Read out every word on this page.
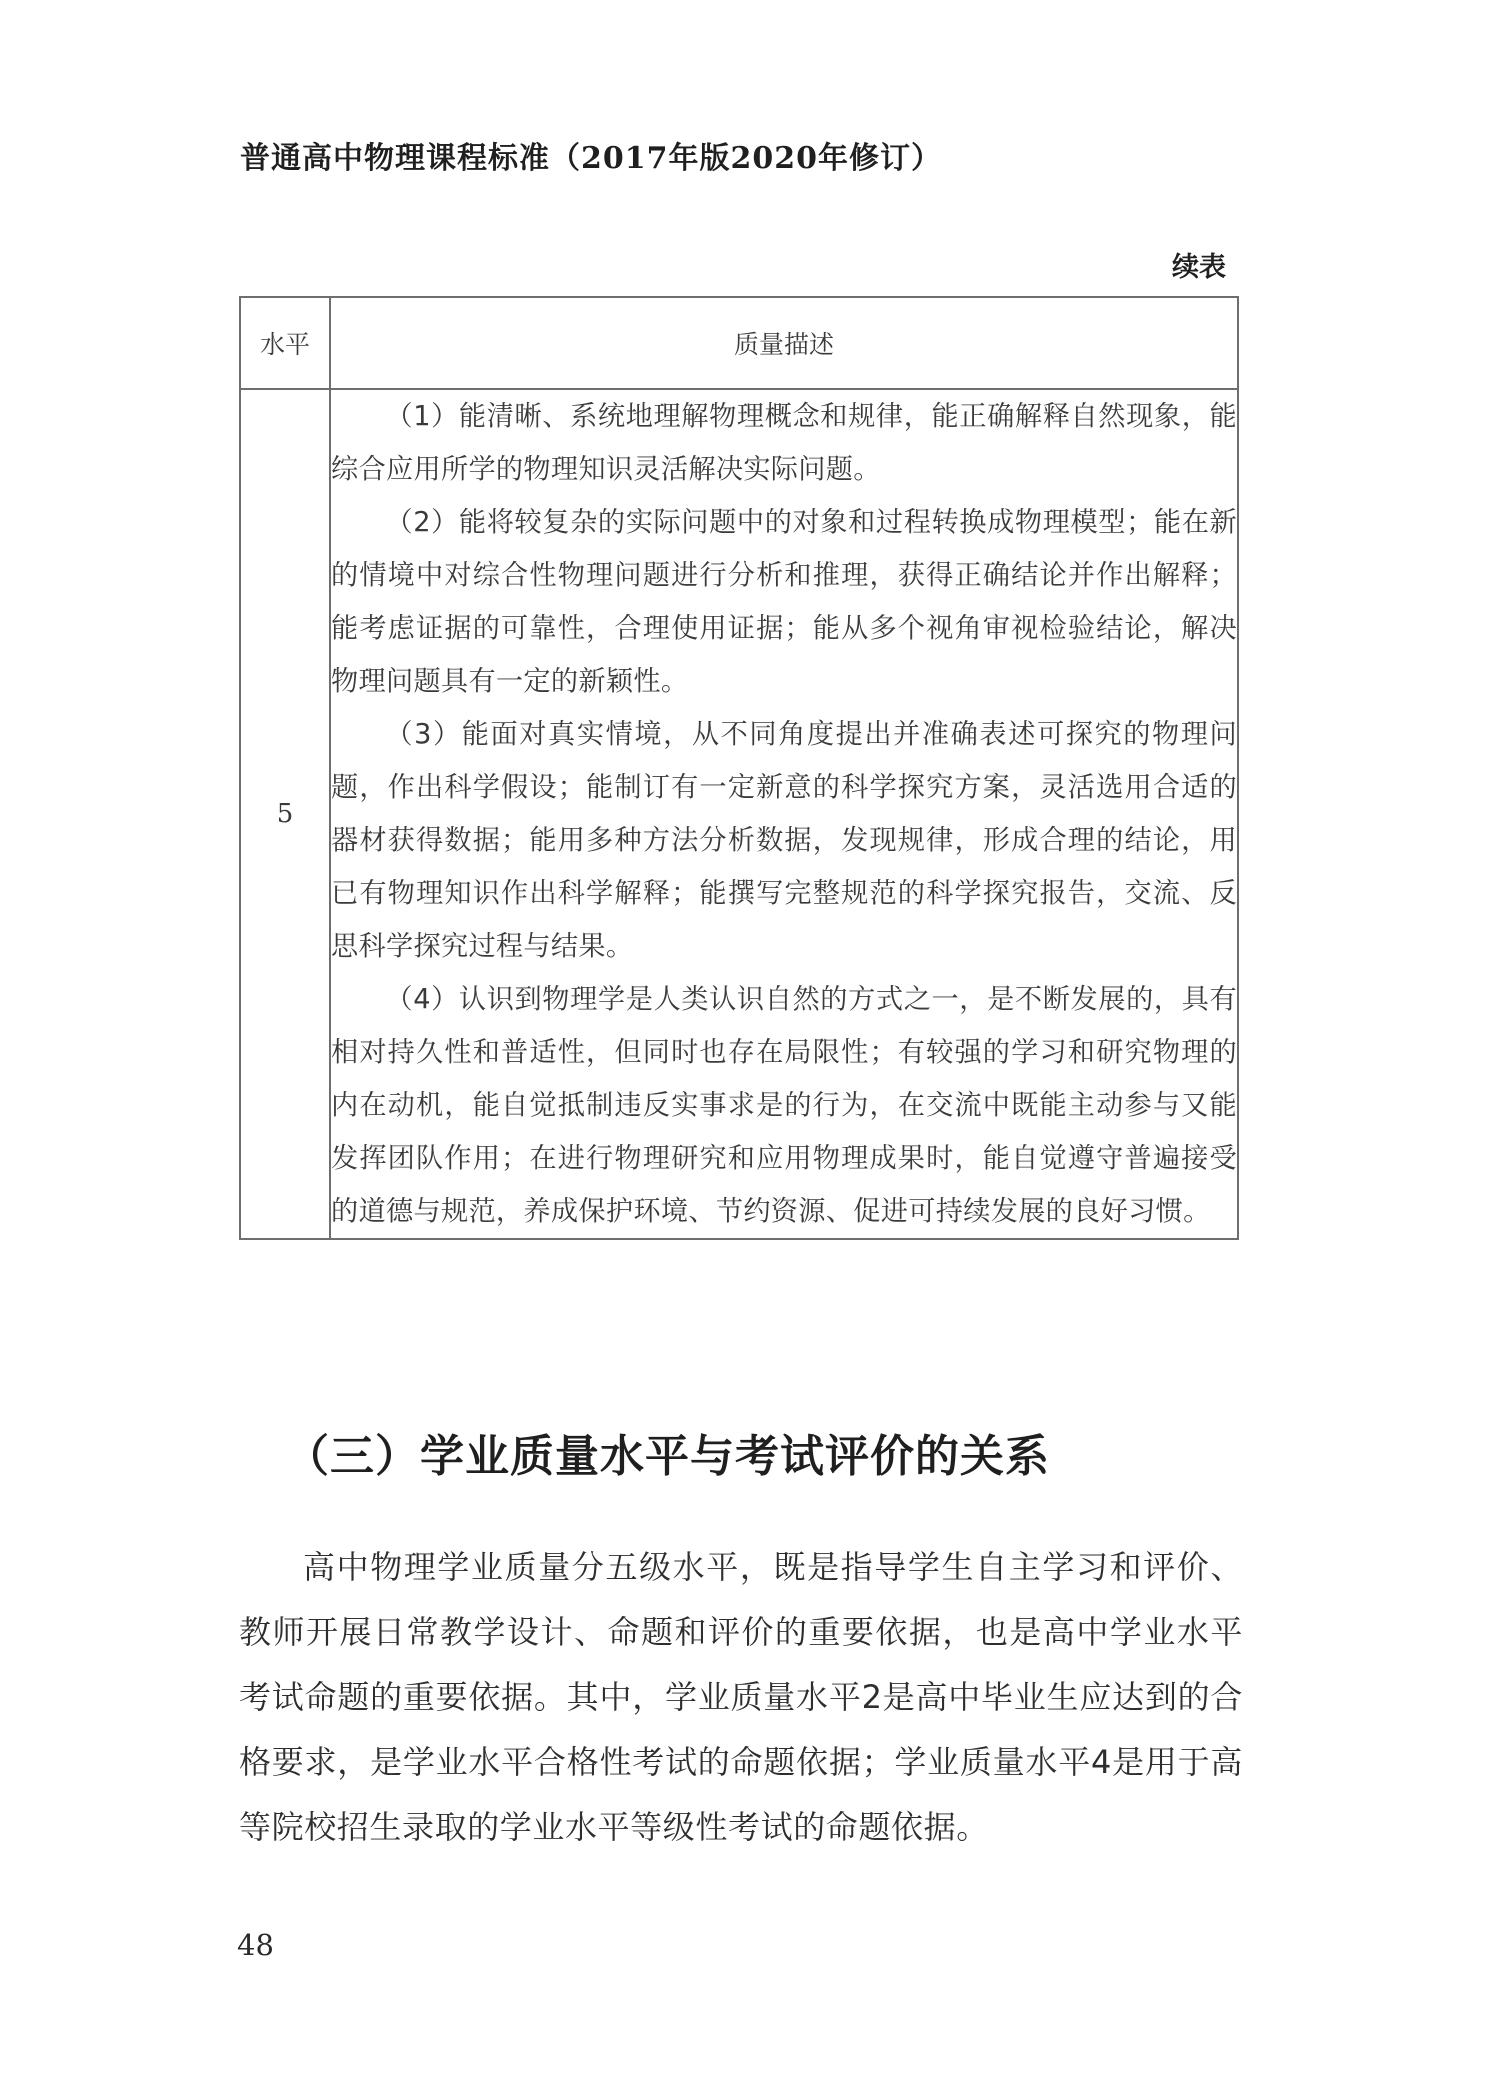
普通高中物理课程标准（2017年版2020年修订）
续表
水平	质量描述
5	（1）能清晰、系统地理解物理概念和规律，能正确解释自然现象，能综合应用所学的物理知识灵活解决实际问题。

（2）能将较复杂的实际问题中的对象和过程转换成物理模型；能在新的情境中对综合性物理问题进行分析和推理，获得正确结论并作出解释；能考虑证据的可靠性，合理使用证据；能从多个视角审视检验结论，解决物理问题具有一定的新颖性。

（3）能面对真实情境，从不同角度提出并准确表述可探究的物理问题，作出科学假设；能制订有一定新意的科学探究方案，灵活选用合适的器材获得数据；能用多种方法分析数据，发现规律，形成合理的结论，用已有物理知识作出科学解释；能撰写完整规范的科学探究报告，交流、反思科学探究过程与结果。

（4）认识到物理学是人类认识自然的方式之一，是不断发展的，具有相对持久性和普适性，但同时也存在局限性；有较强的学习和研究物理的内在动机，能自觉抵制违反实事求是的行为，在交流中既能主动参与又能发挥团队作用；在进行物理研究和应用物理成果时，能自觉遵守普遍接受的道德与规范，养成保护环境、节约资源、促进可持续发展的良好习惯。

（三）学业质量水平与考试评价的关系

高中物理学业质量分五级水平，既是指导学生自主学习和评价、教师开展日常教学设计、命题和评价的重要依据，也是高中学业水平考试命题的重要依据。其中，学业质量水平2是高中毕业生应达到的合格要求，是学业水平合格性考试的命题依据；学业质量水平4是用于高等院校招生录取的学业水平等级性考试的命题依据。

48
